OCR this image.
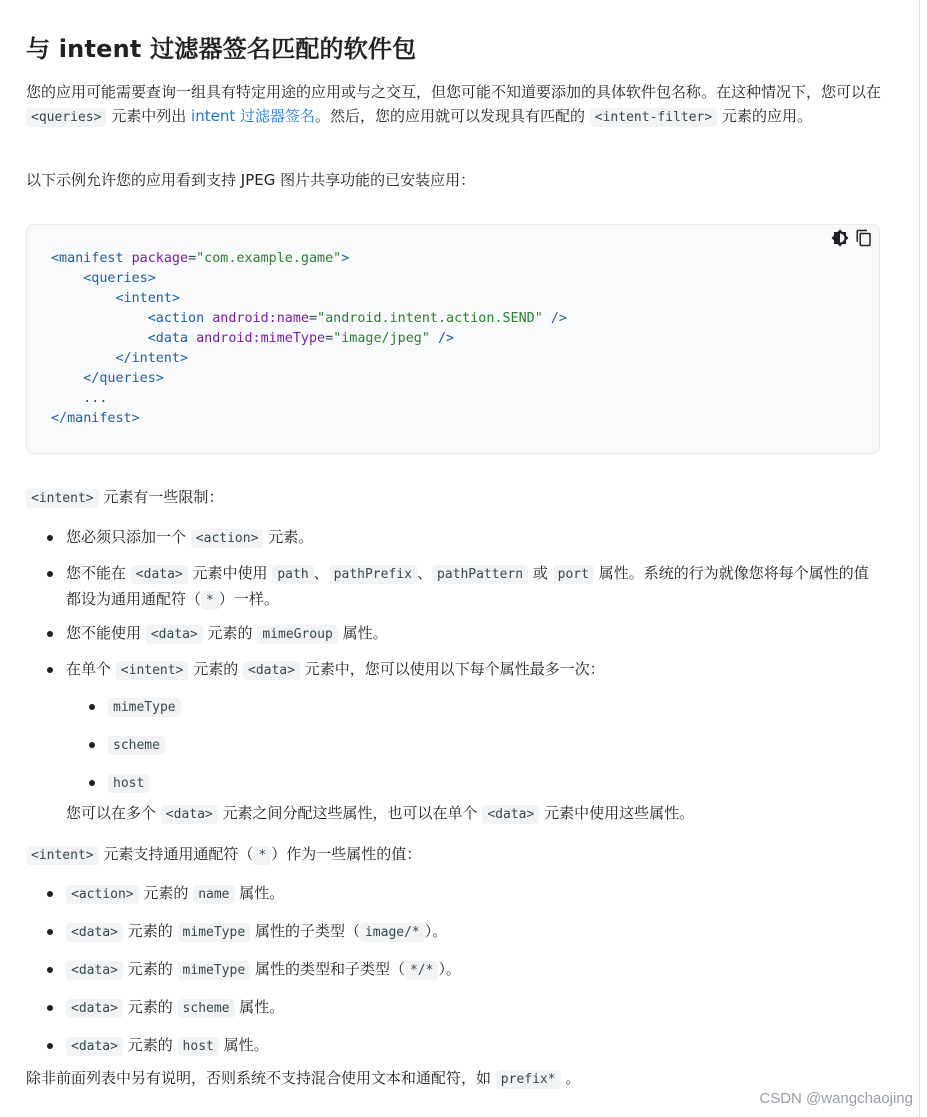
与 intent 过滤器签名匹配的软件包

您的应用可能需要查询一组具有特定用途的应用或与之交互，但您可能不知道要添加的具体软件包名称。在这种情况下，您可以在 <queries> 元素中列出 intent 过滤器签名。然后，您的应用就可以发现具有匹配的 <intent-filter> 元素的应用。

以下示例允许您的应用看到支持 JPEG 图片共享功能的已安装应用：

<manifest package="com.example.game">
<queries>
<intent>
<action android:name="android.intent.action.SEND" />
<data android:mimeType="image/jpeg" />
</intent>
</queries>
...
</manifest>

<intent> 元素有一些限制：

您必须只添加一个 <action> 元素。
您不能在 <data> 元素中使用 path 、 pathPrefix 、 pathPattern 或 port 属性。系统的行为就像您将每个属性的值都设为通用通配符（ * ）一样。
您不能使用 <data> 元素的 mimeGroup 属性。
在单个 <intent> 元素的 <data> 元素中，您可以使用以下每个属性最多一次：
mimeType
scheme
host

您可以在多个 <data> 元素之间分配这些属性，也可以在单个 <data> 元素中使用这些属性。

<intent> 元素支持通用通配符（ * ）作为一些属性的值：

<action> 元素的 name 属性。
<data> 元素的 mimeType 属性的子类型（ image/* ）。
<data> 元素的 mimeType 属性的类型和子类型（ */* ）。
<data> 元素的 scheme 属性。
<data> 元素的 host 属性。

除非前面列表中另有说明，否则系统不支持混合使用文本和通配符，如 prefix* 。

CSDN @wangchaojing
